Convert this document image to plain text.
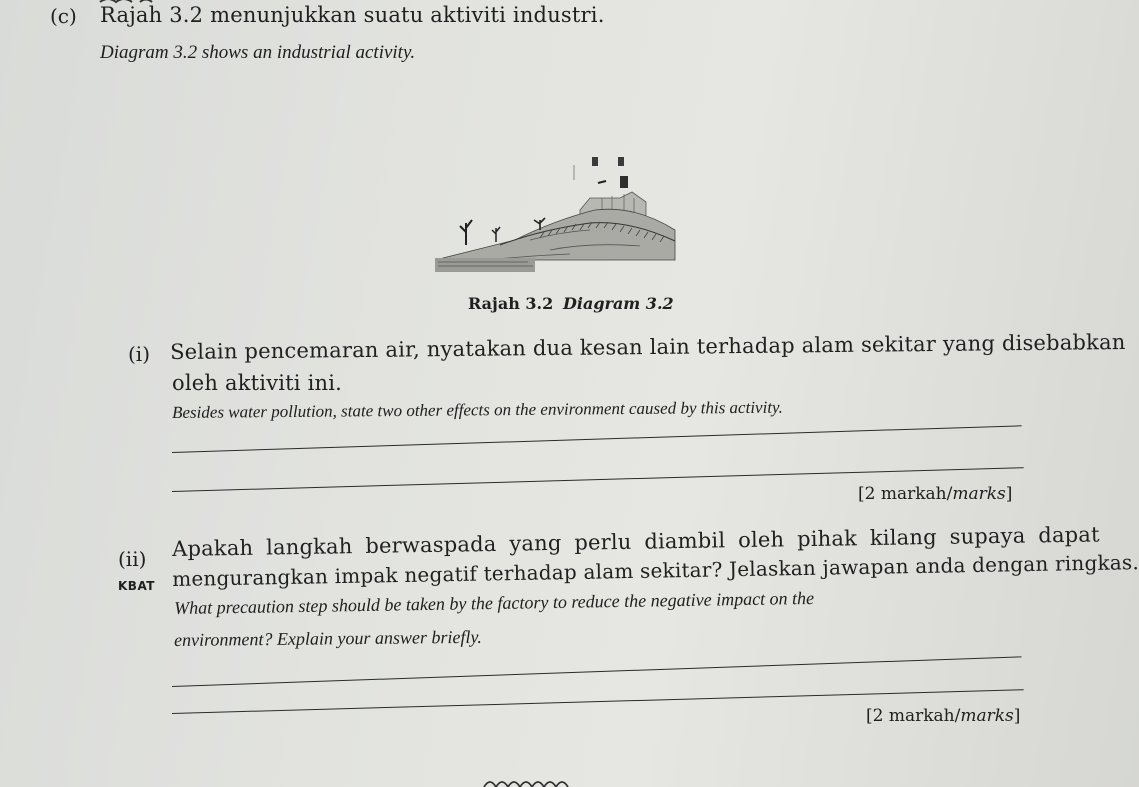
(c) Rajah 3.2 menunjukkan suatu aktiviti industri.
Diagram 3.2 shows an industrial activity.
Rajah 3.2 Diagram 3.2
(i) Selain pencemaran air, nyatakan dua kesan lain terhadap alam sekitar yang disebabkan
oleh aktiviti ini.
Besides water pollution, state two other effects on the environment caused by this activity.
[2 markah/marks]
(ii)
KBAT
Apakah langkah berwaspada yang perlu diambil oleh pihak kilang supaya dapat
mengurangkan impak negatif terhadap alam sekitar? Jelaskan jawapan anda dengan ringkas.
What precaution step should be taken by the factory to reduce the negative impact on the
environment? Explain your answer briefly.
[2 markah/marks]
